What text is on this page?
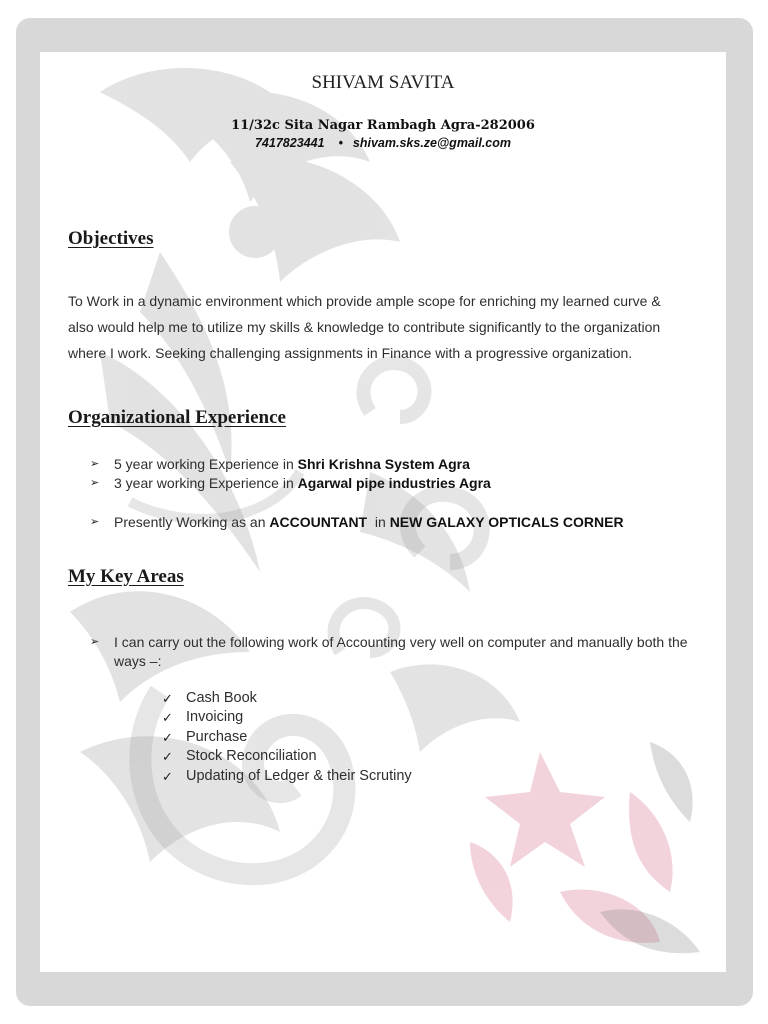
SHIVAM SAVITA
11/32c Sita Nagar Rambagh Agra-282006
7417823441 • shivam.sks.ze@gmail.com
Objectives
To Work in a dynamic environment which provide ample scope for enriching my learned curve & also would help me to utilize my skills & knowledge to contribute significantly to the organization where I work. Seeking challenging assignments in Finance with a progressive organization.
Organizational Experience
➢ 5 year working Experience in Shri Krishna System Agra
➢ 3 year working Experience in Agarwal pipe industries Agra
➢ Presently Working as an ACCOUNTANT  in NEW GALAXY OPTICALS CORNER
My Key Areas
➢ I can carry out the following work of Accounting very well on computer and manually both the ways –:
✓ Cash Book
✓ Invoicing
✓ Purchase
✓ Stock Reconciliation
✓ Updating of Ledger & their Scrutiny
